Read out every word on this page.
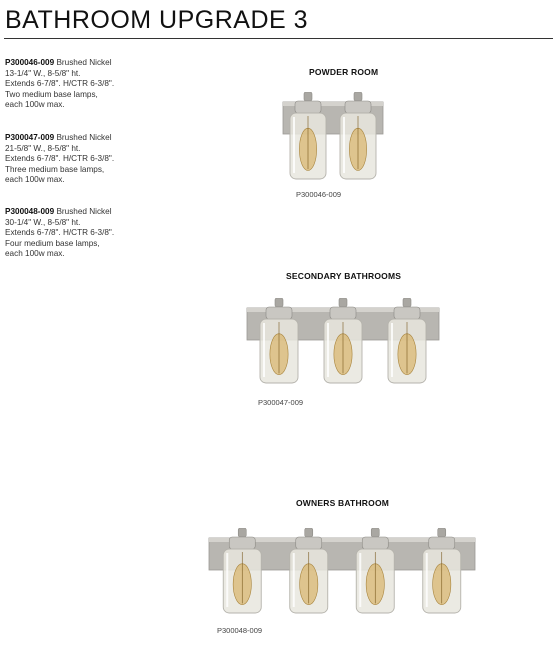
BATHROOM UPGRADE 3
P300046-009 Brushed Nickel
13-1/4" W., 8-5/8" ht.
Extends 6-7/8". H/CTR 6-3/8".
Two medium base lamps,
each 100w max.
P300047-009 Brushed Nickel
21-5/8" W., 8-5/8" ht.
Extends 6-7/8". H/CTR 6-3/8".
Three medium base lamps,
each 100w max.
P300048-009 Brushed Nickel
30-1/4" W., 8-5/8" ht.
Extends 6-7/8". H/CTR 6-3/8".
Four medium base lamps,
each 100w max.
POWDER ROOM
P300046-009
SECONDARY BATHROOMS
P300047-009
OWNERS BATHROOM
P300048-009
